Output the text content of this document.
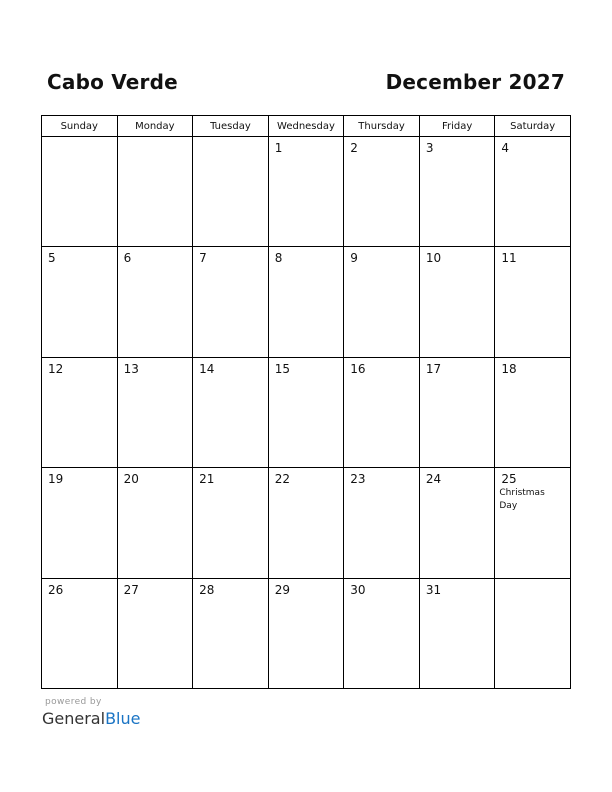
Cabo Verde	December 2027
Sunday	Monday	Tuesday	Wednesday	Thursday	Friday	Saturday

			1	2	3	4

5	6	7	8	9	10	11

12	13	14	15	16	17	18

19	20	21	22	23	24	25
Christmas Day

26	27	28	29	30	31	

powered by
GeneralBlue
